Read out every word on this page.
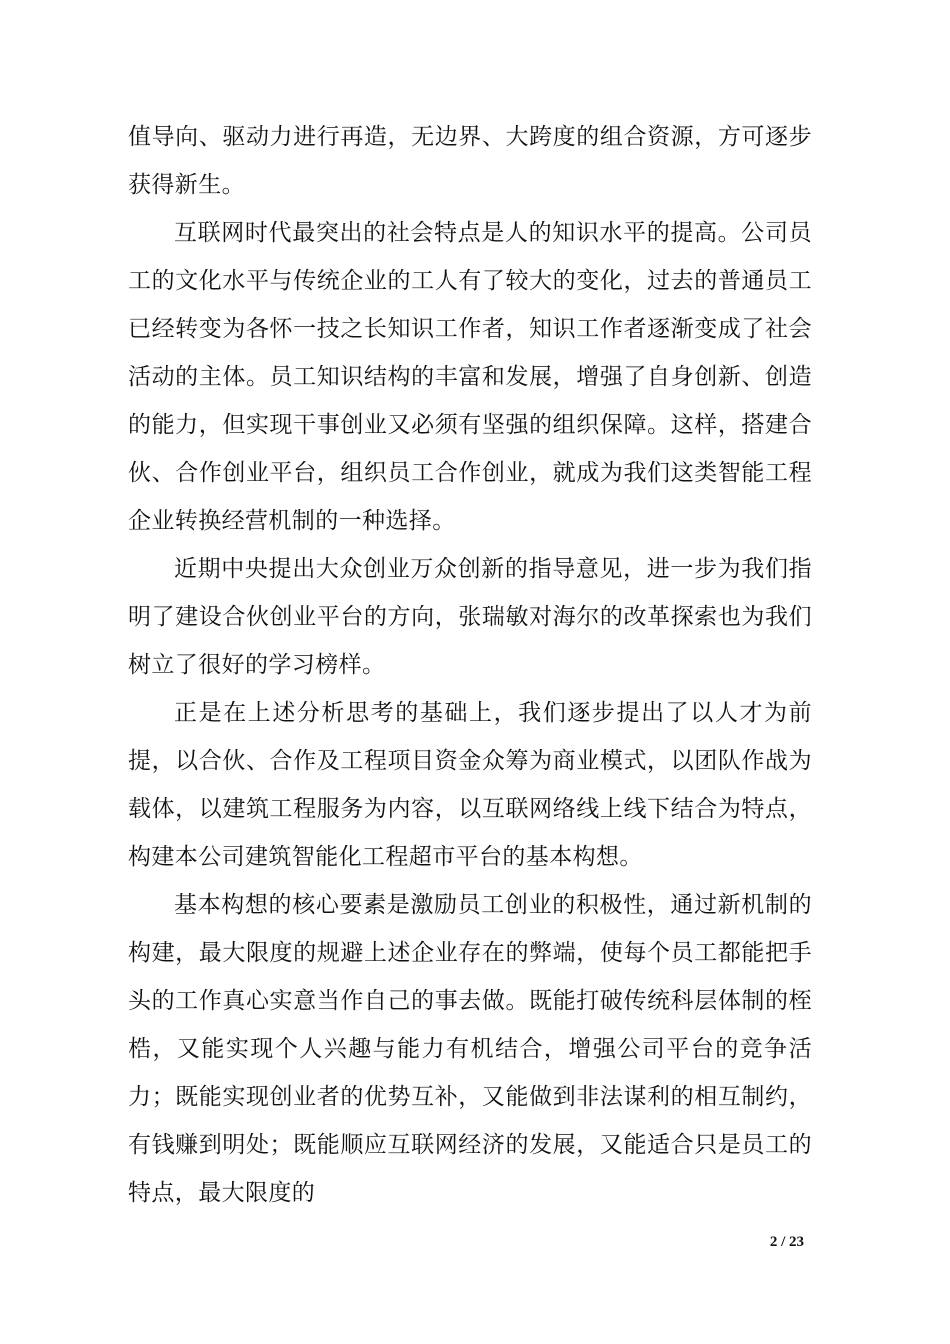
值导向、驱动力进行再造，无边界、大跨度的组合资源，方可逐步获得新生。

互联网时代最突出的社会特点是人的知识水平的提高。公司员工的文化水平与传统企业的工人有了较大的变化，过去的普通员工已经转变为各怀一技之长知识工作者，知识工作者逐渐变成了社会活动的主体。员工知识结构的丰富和发展，增强了自身创新、创造的能力，但实现干事创业又必须有坚强的组织保障。这样，搭建合伙、合作创业平台，组织员工合作创业，就成为我们这类智能工程企业转换经营机制的一种选择。

近期中央提出大众创业万众创新的指导意见，进一步为我们指明了建设合伙创业平台的方向，张瑞敏对海尔的改革探索也为我们树立了很好的学习榜样。

正是在上述分析思考的基础上，我们逐步提出了以人才为前提，以合伙、合作及工程项目资金众筹为商业模式，以团队作战为载体，以建筑工程服务为内容，以互联网络线上线下结合为特点，构建本公司建筑智能化工程超市平台的基本构想。

基本构想的核心要素是激励员工创业的积极性，通过新机制的构建，最大限度的规避上述企业存在的弊端，使每个员工都能把手头的工作真心实意当作自己的事去做。既能打破传统科层体制的桎梏，又能实现个人兴趣与能力有机结合，增强公司平台的竞争活力；既能实现创业者的优势互补，又能做到非法谋利的相互制约，有钱赚到明处；既能顺应互联网经济的发展，又能适合只是员工的特点，最大限度的

2 / 23
